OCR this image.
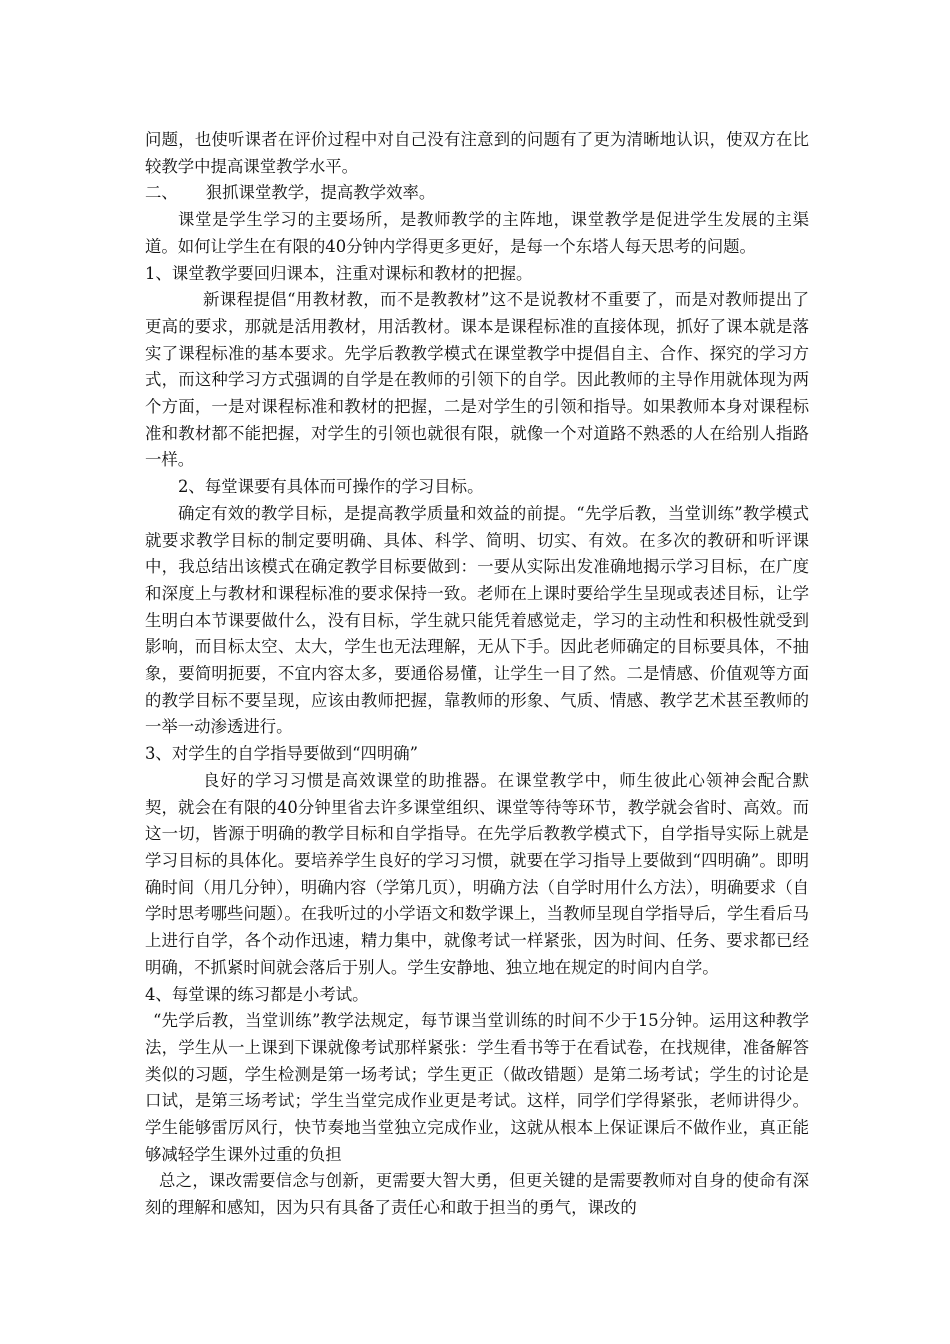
问题，也使听课者在评价过程中对自己没有注意到的问题有了更为清晰地认识，使双方在比较教学中提高课堂教学水平。

二、 狠抓课堂教学，提高教学效率。

课堂是学生学习的主要场所，是教师教学的主阵地，课堂教学是促进学生发展的主渠道。如何让学生在有限的40分钟内学得更多更好，是每一个东塔人每天思考的问题。

1、课堂教学要回归课本，注重对课标和教材的把握。

新课程提倡“用教材教，而不是教教材”这不是说教材不重要了，而是对教师提出了更高的要求，那就是活用教材，用活教材。课本是课程标准的直接体现，抓好了课本就是落实了课程标准的基本要求。先学后教教学模式在课堂教学中提倡自主、合作、探究的学习方式，而这种学习方式强调的自学是在教师的引领下的自学。因此教师的主导作用就体现为两个方面，一是对课程标准和教材的把握，二是对学生的引领和指导。如果教师本身对课程标准和教材都不能把握，对学生的引领也就很有限，就像一个对道路不熟悉的人在给别人指路一样。

2、每堂课要有具体而可操作的学习目标。

确定有效的教学目标，是提高教学质量和效益的前提。“先学后教，当堂训练”教学模式就要求教学目标的制定要明确、具体、科学、简明、切实、有效。在多次的教研和听评课中，我总结出该模式在确定教学目标要做到：一要从实际出发准确地揭示学习目标，在广度和深度上与教材和课程标准的要求保持一致。老师在上课时要给学生呈现或表述目标，让学生明白本节课要做什么，没有目标，学生就只能凭着感觉走，学习的主动性和积极性就受到影响，而目标太空、太大，学生也无法理解，无从下手。因此老师确定的目标要具体，不抽象，要简明扼要，不宜内容太多，要通俗易懂，让学生一目了然。二是情感、价值观等方面的教学目标不要呈现，应该由教师把握，靠教师的形象、气质、情感、教学艺术甚至教师的一举一动渗透进行。

3、对学生的自学指导要做到“四明确”

良好的学习习惯是高效课堂的助推器。在课堂教学中，师生彼此心领神会配合默契，就会在有限的40分钟里省去许多课堂组织、课堂等待等环节，教学就会省时、高效。而这一切，皆源于明确的教学目标和自学指导。在先学后教教学模式下，自学指导实际上就是学习目标的具体化。要培养学生良好的学习习惯，就要在学习指导上要做到“四明确”。即明确时间（用几分钟），明确内容（学第几页），明确方法（自学时用什么方法），明确要求（自学时思考哪些问题）。在我听过的小学语文和数学课上，当教师呈现自学指导后，学生看后马上进行自学，各个动作迅速，精力集中，就像考试一样紧张，因为时间、任务、要求都已经明确，不抓紧时间就会落后于别人。学生安静地、独立地在规定的时间内自学。

4、每堂课的练习都是小考试。

“先学后教，当堂训练”教学法规定，每节课当堂训练的时间不少于15分钟。运用这种教学法，学生从一上课到下课就像考试那样紧张：学生看书等于在看试卷，在找规律，准备解答类似的习题，学生检测是第一场考试；学生更正（做改错题）是第二场考试；学生的讨论是口试，是第三场考试；学生当堂完成作业更是考试。这样，同学们学得紧张，老师讲得少。学生能够雷厉风行，快节奏地当堂独立完成作业，这就从根本上保证课后不做作业，真正能够减轻学生课外过重的负担

总之，课改需要信念与创新，更需要大智大勇，但更关键的是需要教师对自身的使命有深刻的理解和感知，因为只有具备了责任心和敢于担当的勇气，课改的
